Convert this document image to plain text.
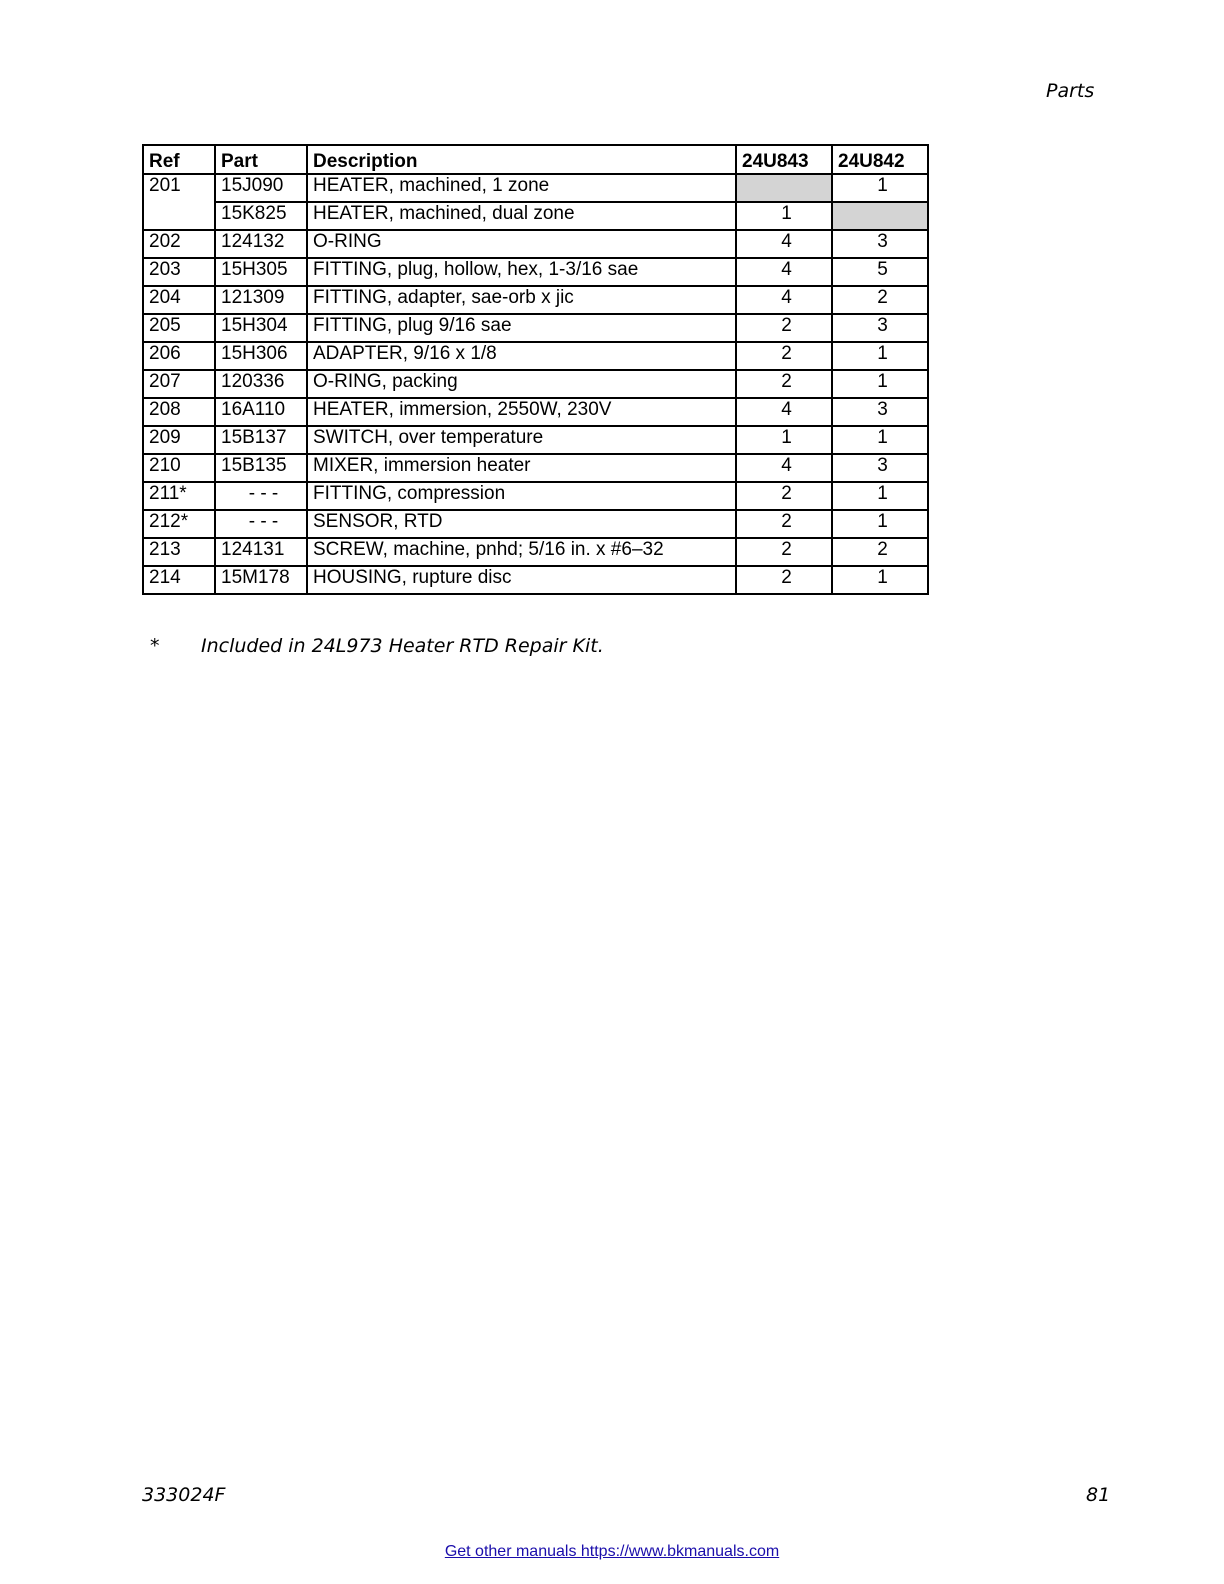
Parts
Ref	Part	Description	24U843	24U842
201	15J090	HEATER, machined, 1 zone		1
	15K825	HEATER, machined, dual zone	1	
202	124132	O-RING	4	3
203	15H305	FITTING, plug, hollow, hex, 1-3/16 sae	4	5
204	121309	FITTING, adapter, sae-orb x jic	4	2
205	15H304	FITTING, plug 9/16 sae	2	3
206	15H306	ADAPTER, 9/16 x 1/8	2	1
207	120336	O-RING, packing	2	1
208	16A110	HEATER, immersion, 2550W, 230V	4	3
209	15B137	SWITCH, over temperature	1	1
210	15B135	MIXER, immersion heater	4	3
211*	- - -	FITTING, compression	2	1
212*	- - -	SENSOR, RTD	2	1
213	124131	SCREW, machine, pnhd; 5/16 in. x #6–32	2	2
214	15M178	HOUSING, rupture disc	2	1
* Included in 24L973 Heater RTD Repair Kit.
333024F	81
Get other manuals https://www.bkmanuals.com
